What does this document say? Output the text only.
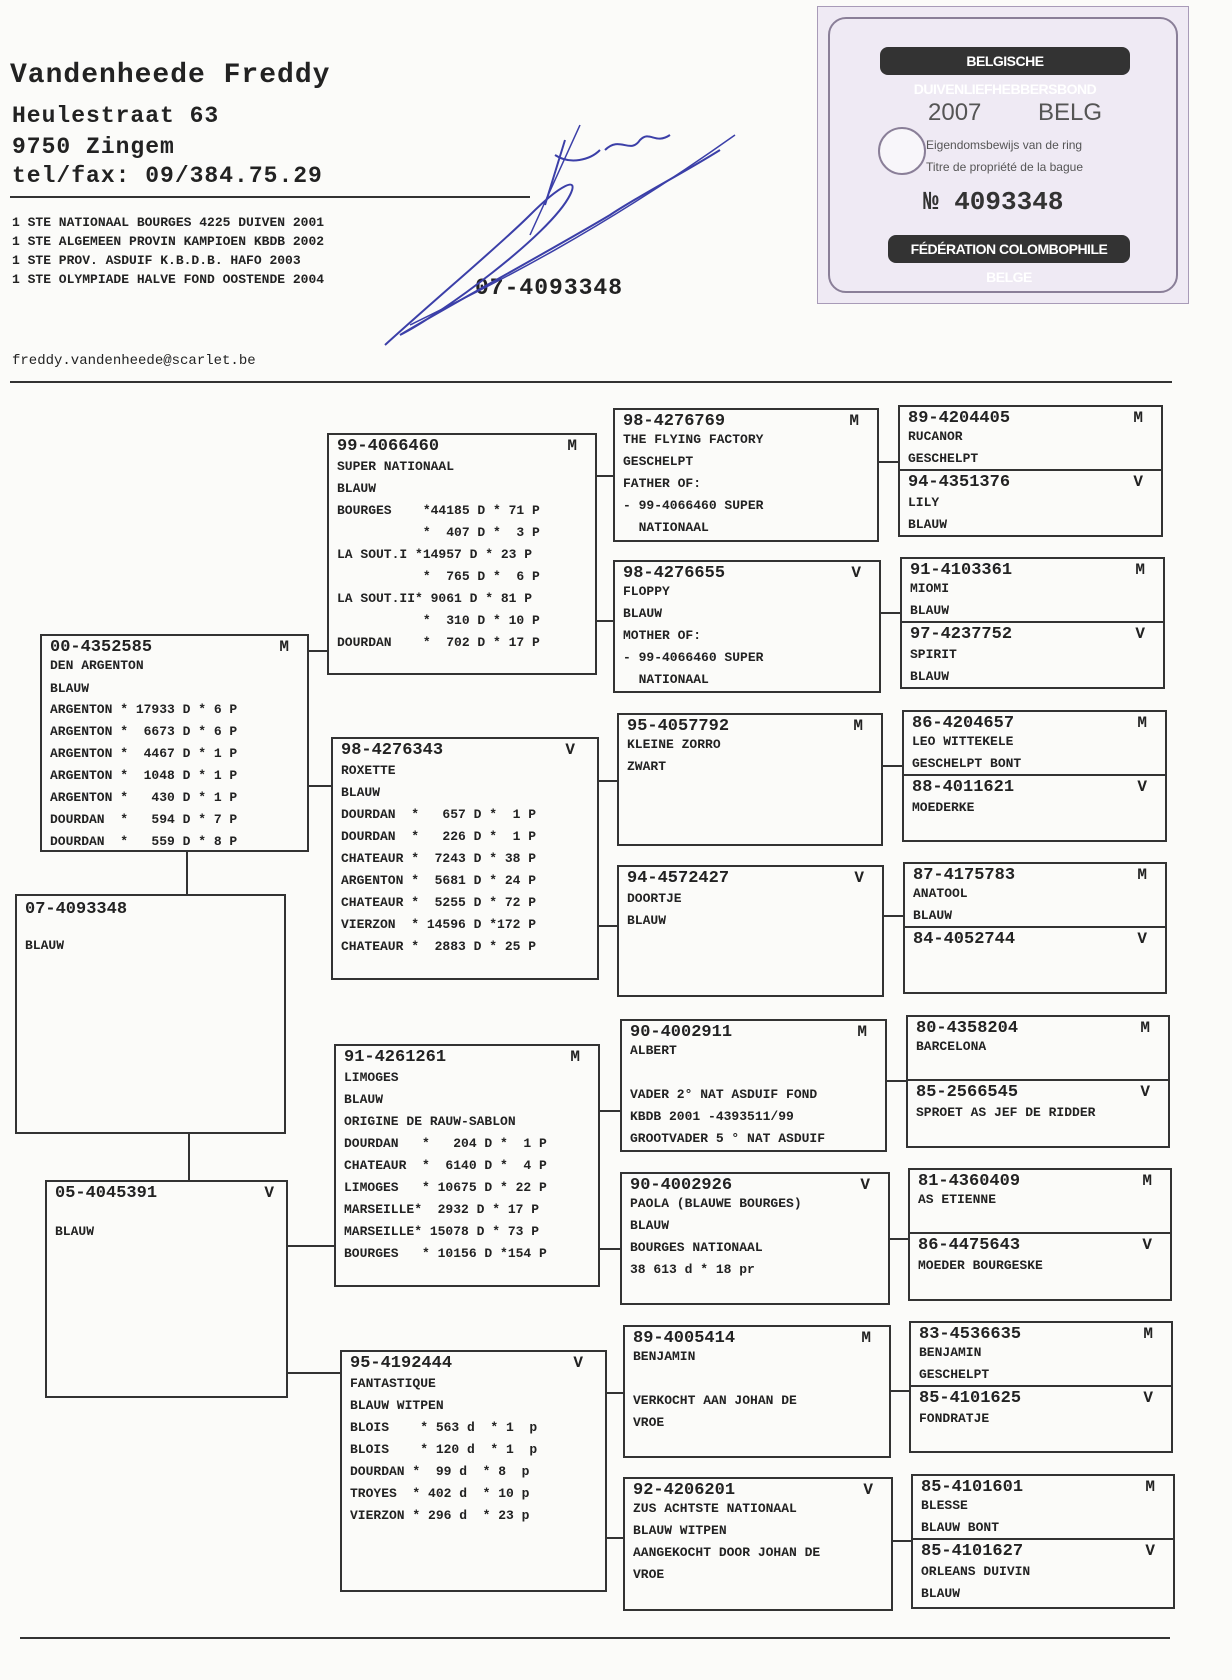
Vandenheede Freddy
Heulestraat 63
9750 Zingem
tel/fax: 09/384.75.29
1 STE NATIONAAL BOURGES 4225 DUIVEN 2001
1 STE ALGEMEEN PROVIN KAMPIOEN KBDB 2002
1 STE PROV. ASDUIF K.B.D.B. HAFO 2003
1 STE OLYMPIADE HALVE FOND OOSTENDE 2004	07-4093348
freddy.vandenheede@scarlet.be
BELGISCHE DUIVENLIEFHEBBERSBOND
2007 BELG
Eigendomsbewijs van de ring
Titre de propriété de la bague
№ 4093348
FÉDÉRATION COLOMBOPHILE BELGE
07-4093348
BLAUW
00-4352585	M
DEN ARGENTON
BLAUW
ARGENTON * 17933 D * 6 P
ARGENTON *  6673 D * 6 P
ARGENTON *  4467 D * 1 P
ARGENTON *  1048 D * 1 P
ARGENTON *   430 D * 1 P
DOURDAN  *   594 D * 7 P
DOURDAN  *   559 D * 8 P
05-4045391	V
BLAUW
99-4066460	M
SUPER NATIONAAL
BLAUW
BOURGES    *44185 D * 71 P
*  407 D *  3 P
LA SOUT.I *14957 D * 23 P
*  765 D *  6 P
LA SOUT.II* 9061 D * 81 P
*  310 D * 10 P
DOURDAN    *  702 D * 17 P
98-4276343	V
ROXETTE
BLAUW
DOURDAN  *   657 D *  1 P
DOURDAN  *   226 D *  1 P
CHATEAUR *  7243 D * 38 P
ARGENTON *  5681 D * 24 P
CHATEAUR *  5255 D * 72 P
VIERZON  * 14596 D *172 P
CHATEAUR *  2883 D * 25 P
91-4261261	M
LIMOGES
BLAUW
ORIGINE DE RAUW-SABLON
DOURDAN   *   204 D *  1 P
CHATEAUR  *  6140 D *  4 P
LIMOGES   * 10675 D * 22 P
MARSEILLE*  2932 D * 17 P
MARSEILLE* 15078 D * 73 P
BOURGES   * 10156 D *154 P
95-4192444	V
FANTASTIQUE
BLAUW WITPEN
BLOIS    * 563 d  * 1  p
BLOIS    * 120 d  * 1  p
DOURDAN *  99 d  * 8  p
TROYES  * 402 d  * 10 p
VIERZON * 296 d  * 23 p
98-4276769	M
THE FLYING FACTORY
GESCHELPT
FATHER OF:
- 99-4066460 SUPER
NATIONAAL
98-4276655	V
FLOPPY
BLAUW
MOTHER OF:
- 99-4066460 SUPER
NATIONAAL
95-4057792	M
KLEINE ZORRO
ZWART
94-4572427	V
DOORTJE
BLAUW
90-4002911	M
ALBERT
VADER 2° NAT ASDUIF FOND
KBDB 2001 -4393511/99
GROOTVADER 5 ° NAT ASDUIF
90-4002926	V
PAOLA (BLAUWE BOURGES)
BLAUW
BOURGES NATIONAAL
38 613 d * 18 pr
89-4005414	M
BENJAMIN
VERKOCHT AAN JOHAN DE
VROE
92-4206201	V
ZUS ACHTSTE NATIONAAL
BLAUW WITPEN
AANGEKOCHT DOOR JOHAN DE
VROE
89-4204405	M
RUCANOR
GESCHELPT
94-4351376	V
LILY
BLAUW
91-4103361	M
MIOMI
BLAUW
97-4237752	V
SPIRIT
BLAUW
86-4204657	M
LEO WITTEKELE
GESCHELPT BONT
88-4011621	V
MOEDERKE
87-4175783	M
ANATOOL
BLAUW
84-4052744	V
80-4358204	M
BARCELONA
85-2566545	V
SPROET AS JEF DE RIDDER
81-4360409	M
AS ETIENNE
86-4475643	V
MOEDER BOURGESKE
83-4536635	M
BENJAMIN
GESCHELPT
85-4101625	V
FONDRATJE
85-4101601	M
BLESSE
BLAUW BONT
85-4101627	V
ORLEANS DUIVIN
BLAUW
